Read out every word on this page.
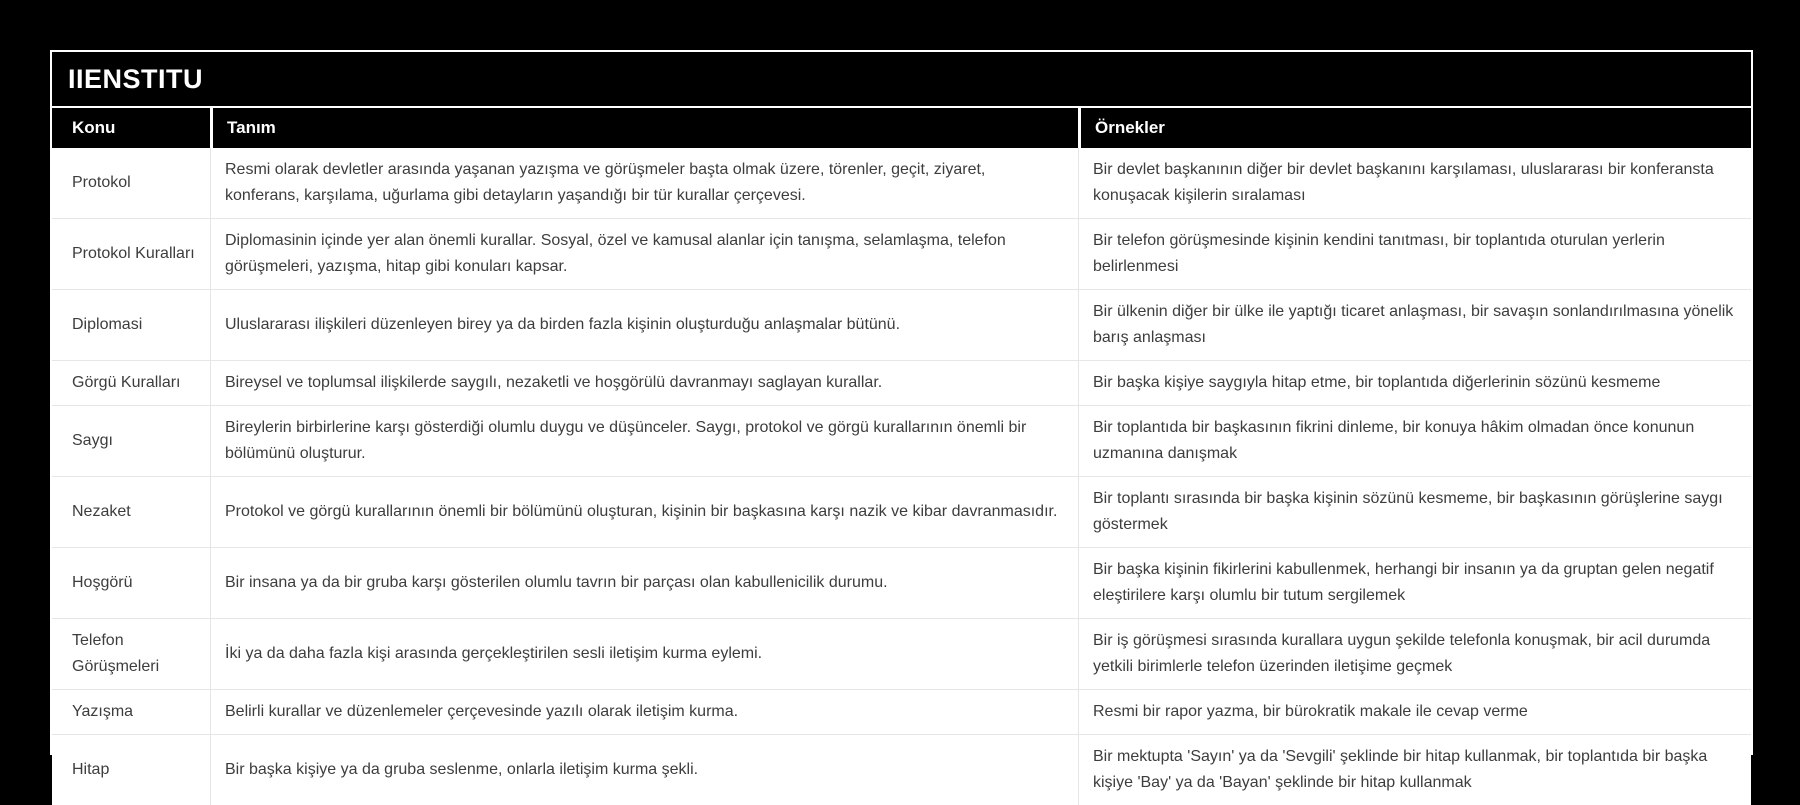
IIENSTITU
Konu	Tanım	Örnekler
Protokol	Resmi olarak devletler arasında yaşanan yazışma ve görüşmeler başta olmak üzere, törenler, geçit, ziyaret, konferans, karşılama, uğurlama gibi detayların yaşandığı bir tür kurallar çerçevesi.	Bir devlet başkanının diğer bir devlet başkanını karşılaması, uluslararası bir konferansta konuşacak kişilerin sıralaması
Protokol Kuralları	Diplomasinin içinde yer alan önemli kurallar. Sosyal, özel ve kamusal alanlar için tanışma, selamlaşma, telefon görüşmeleri, yazışma, hitap gibi konuları kapsar.	Bir telefon görüşmesinde kişinin kendini tanıtması, bir toplantıda oturulan yerlerin belirlenmesi
Diplomasi	Uluslararası ilişkileri düzenleyen birey ya da birden fazla kişinin oluşturduğu anlaşmalar bütünü.	Bir ülkenin diğer bir ülke ile yaptığı ticaret anlaşması, bir savaşın sonlandırılmasına yönelik barış anlaşması
Görgü Kuralları	Bireysel ve toplumsal ilişkilerde saygılı, nezaketli ve hoşgörülü davranmayı saglayan kurallar.	Bir başka kişiye saygıyla hitap etme, bir toplantıda diğerlerinin sözünü kesmeme
Saygı	Bireylerin birbirlerine karşı gösterdiği olumlu duygu ve düşünceler. Saygı, protokol ve görgü kurallarının önemli bir bölümünü oluşturur.	Bir toplantıda bir başkasının fikrini dinleme, bir konuya hâkim olmadan önce konunun uzmanına danışmak
Nezaket	Protokol ve görgü kurallarının önemli bir bölümünü oluşturan, kişinin bir başkasına karşı nazik ve kibar davranmasıdır.	Bir toplantı sırasında bir başka kişinin sözünü kesmeme, bir başkasının görüşlerine saygı göstermek
Hoşgörü	Bir insana ya da bir gruba karşı gösterilen olumlu tavrın bir parçası olan kabullenicilik durumu.	Bir başka kişinin fikirlerini kabullenmek, herhangi bir insanın ya da gruptan gelen negatif eleştirilere karşı olumlu bir tutum sergilemek
Telefon Görüşmeleri	İki ya da daha fazla kişi arasında gerçekleştirilen sesli iletişim kurma eylemi.	Bir iş görüşmesi sırasında kurallara uygun şekilde telefonla konuşmak, bir acil durumda yetkili birimlerle telefon üzerinden iletişime geçmek
Yazışma	Belirli kurallar ve düzenlemeler çerçevesinde yazılı olarak iletişim kurma.	Resmi bir rapor yazma, bir bürokratik makale ile cevap verme
Hitap	Bir başka kişiye ya da gruba seslenme, onlarla iletişim kurma şekli.	Bir mektupta 'Sayın' ya da 'Sevgili' şeklinde bir hitap kullanmak, bir toplantıda bir başka kişiye 'Bay' ya da 'Bayan' şeklinde bir hitap kullanmak
